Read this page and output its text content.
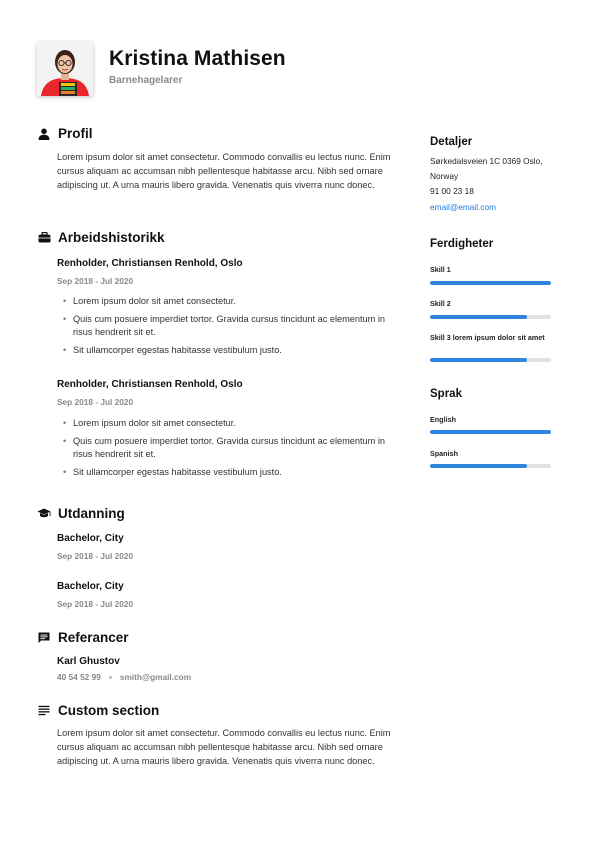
Kristina Mathisen
Barnehagelarer
Profil
Lorem ipsum dolor sit amet consectetur. Commodo convallis eu lectus nunc. Enim cursus aliquam ac accumsan nibh pellentesque habitasse arcu. Nibh sed ornare adipiscing ut. A urna mauris libero gravida. Venenatis quis viverra nunc donec.
Arbeidshistorikk
Renholder, Christiansen Renhold, Oslo
Sep 2018 - Jul 2020
• Lorem ipsum dolor sit amet consectetur.
• Quis cum posuere imperdiet tortor. Gravida cursus tincidunt ac elementum in risus hendrerit sit et.
• Sit ullamcorper egestas habitasse vestibulum justo.
Renholder, Christiansen Renhold, Oslo
Sep 2018 - Jul 2020
• Lorem ipsum dolor sit amet consectetur.
• Quis cum posuere imperdiet tortor. Gravida cursus tincidunt ac elementum in risus hendrerit sit et.
• Sit ullamcorper egestas habitasse vestibulum justo.
Utdanning
Bachelor, City
Sep 2018 - Jul 2020
Bachelor, City
Sep 2018 - Jul 2020
Referancer
Karl Ghustov
40 54 52 99 smith@gmail.com
Custom section
Lorem ipsum dolor sit amet consectetur. Commodo convallis eu lectus nunc. Enim cursus aliquam ac accumsan nibh pellentesque habitasse arcu. Nibh sed ornare adipiscing ut. A urna mauris libero gravida. Venenatis quis viverra nunc donec.
Detaljer
Sørkedalsveien 1C 0369 Oslo,
Norway
91 00 23 18
email@email.com
Ferdigheter
Skill 1
Skill 2
Skill 3 lorem ipsum dolor sit amet
Sprak
English
Spanish
